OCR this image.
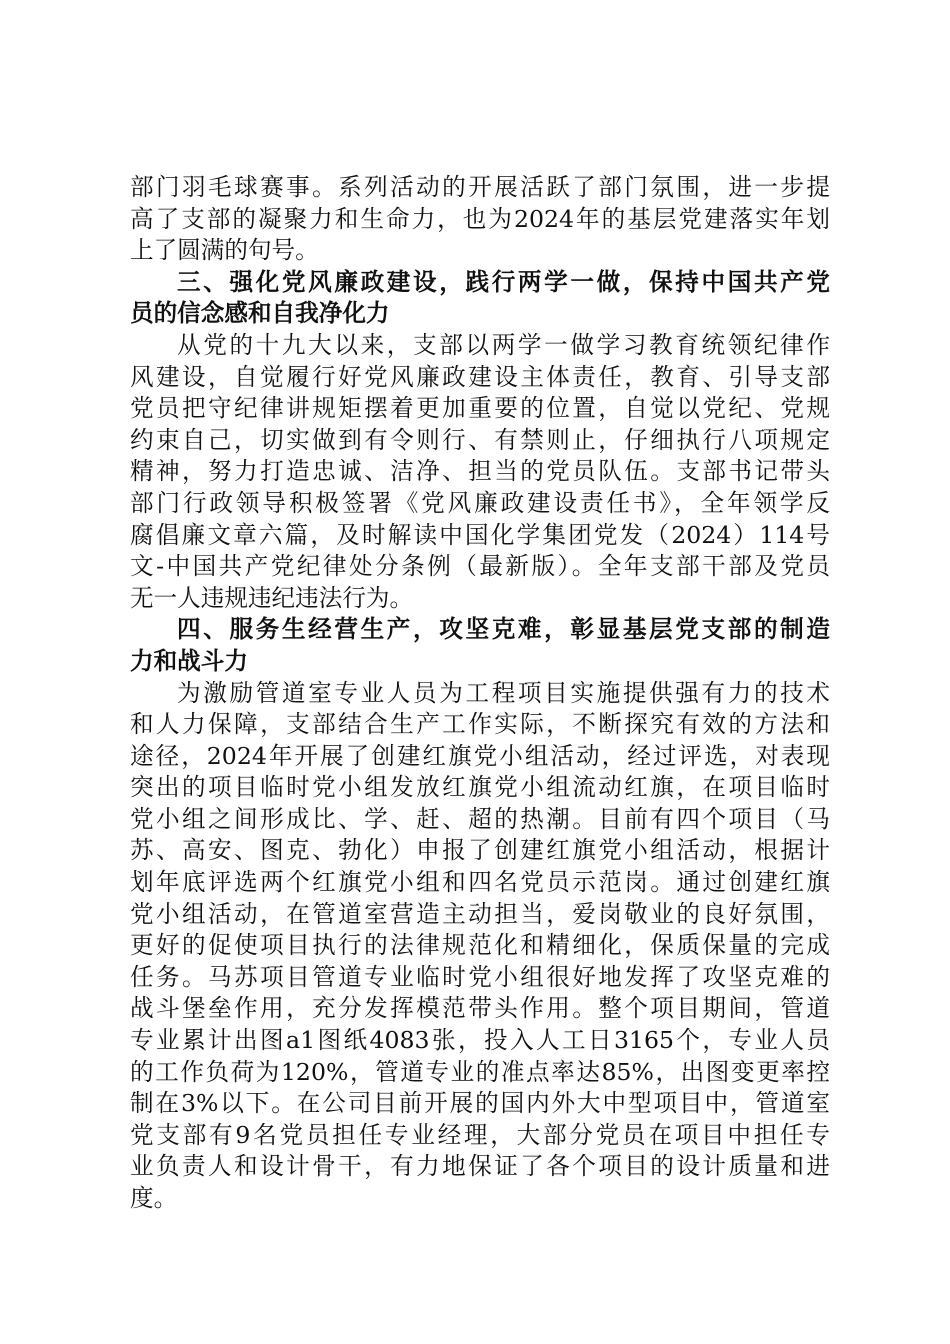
部门羽毛球赛事。系列活动的开展活跃了部门氛围，进一步提
高了支部的凝聚力和生命力，也为2024年的基层党建落实年划
上了圆满的句号。
三、强化党风廉政建设，践行两学一做，保持中国共产党
员的信念感和自我净化力
从党的十九大以来，支部以两学一做学习教育统领纪律作
风建设，自觉履行好党风廉政建设主体责任，教育、引导支部
党员把守纪律讲规矩摆着更加重要的位置，自觉以党纪、党规
约束自己，切实做到有令则行、有禁则止，仔细执行八项规定
精神，努力打造忠诚、洁净、担当的党员队伍。支部书记带头
部门行政领导积极签署《党风廉政建设责任书》，全年领学反
腐倡廉文章六篇，及时解读中国化学集团党发（2024）114号
文-中国共产党纪律处分条例（最新版）。全年支部干部及党员
无一人违规违纪违法行为。
四、服务生经营生产，攻坚克难，彰显基层党支部的制造
力和战斗力
为激励管道室专业人员为工程项目实施提供强有力的技术
和人力保障，支部结合生产工作实际，不断探究有效的方法和
途径，2024年开展了创建红旗党小组活动，经过评选，对表现
突出的项目临时党小组发放红旗党小组流动红旗，在项目临时
党小组之间形成比、学、赶、超的热潮。目前有四个项目（马
苏、高安、图克、勃化）申报了创建红旗党小组活动，根据计
划年底评选两个红旗党小组和四名党员示范岗。通过创建红旗
党小组活动，在管道室营造主动担当，爱岗敬业的良好氛围，
更好的促使项目执行的法律规范化和精细化，保质保量的完成
任务。马苏项目管道专业临时党小组很好地发挥了攻坚克难的
战斗堡垒作用，充分发挥模范带头作用。整个项目期间，管道
专业累计出图a1图纸4083张，投入人工日3165个，专业人员
的工作负荷为120%，管道专业的准点率达85%，出图变更率控
制在3%以下。在公司目前开展的国内外大中型项目中，管道室
党支部有9名党员担任专业经理，大部分党员在项目中担任专
业负责人和设计骨干，有力地保证了各个项目的设计质量和进
度。
